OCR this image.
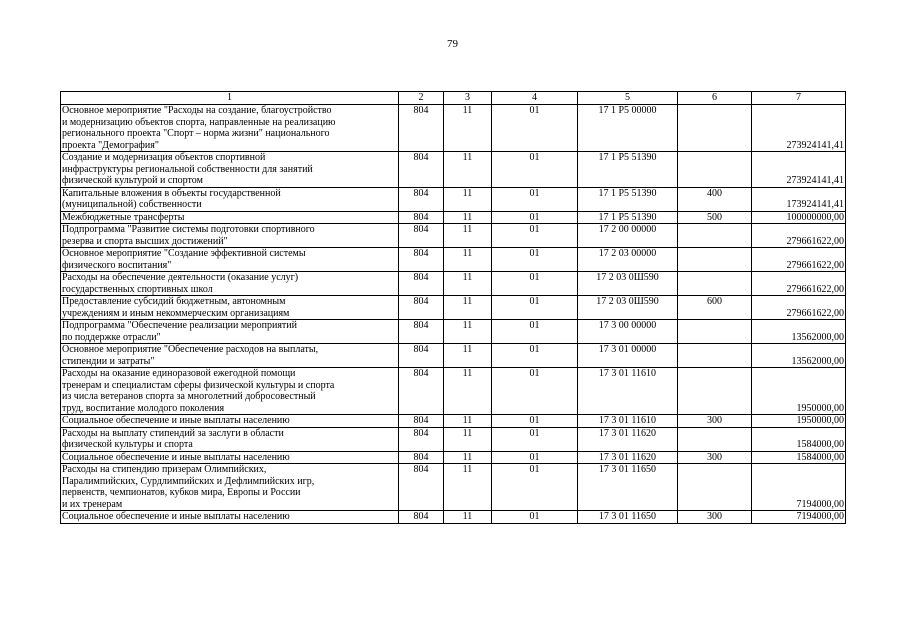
79
1	2	3	4	5	6	7
Основное мероприятие "Расходы на создание, благоустройство
и модернизацию объектов спорта, направленные на реализацию
регионального проекта "Спорт – норма жизни" национального
проекта "Демография"	804	11	01	17 1 P5 00000		273924141,41
Создание и модернизация объектов спортивной
инфраструктуры региональной собственности для занятий
физической культурой и спортом	804	11	01	17 1 P5 51390		273924141,41
Капитальные вложения в объекты государственной
(муниципальной) собственности	804	11	01	17 1 P5 51390	400	173924141,41
Межбюджетные трансферты	804	11	01	17 1 P5 51390	500	100000000,00
Подпрограмма "Развитие системы подготовки спортивного
резерва и спорта высших достижений"	804	11	01	17 2 00 00000		279661622,00
Основное мероприятие "Создание эффективной системы
физического воспитания"	804	11	01	17 2 03 00000		279661622,00
Расходы на обеспечение деятельности (оказание услуг)
государственных спортивных школ	804	11	01	17 2 03 0Ш590		279661622,00
Предоставление субсидий бюджетным, автономным
учреждениям и иным некоммерческим организациям	804	11	01	17 2 03 0Ш590	600	279661622,00
Подпрограмма "Обеспечение реализации мероприятий
по поддержке отрасли"	804	11	01	17 3 00 00000		13562000,00
Основное мероприятие "Обеспечение расходов на выплаты,
стипендии и затраты"	804	11	01	17 3 01 00000		13562000,00
Расходы на оказание единоразовой ежегодной помощи
тренерам и специалистам сферы физической культуры и спорта
из числа ветеранов спорта за многолетний добросовестный
труд, воспитание молодого поколения	804	11	01	17 3 01 11610		1950000,00
Социальное обеспечение и иные выплаты населению	804	11	01	17 3 01 11610	300	1950000,00
Расходы на выплату стипендий за заслуги в области
физической культуры и спорта	804	11	01	17 3 01 11620		1584000,00
Социальное обеспечение и иные выплаты населению	804	11	01	17 3 01 11620	300	1584000,00
Расходы на стипендию призерам Олимпийских,
Паралимпийских, Сурдлимпийских и Дефлимпийских игр,
первенств, чемпионатов, кубков мира, Европы и России
и их тренерам	804	11	01	17 3 01 11650		7194000,00
Социальное обеспечение и иные выплаты населению	804	11	01	17 3 01 11650	300	7194000,00
